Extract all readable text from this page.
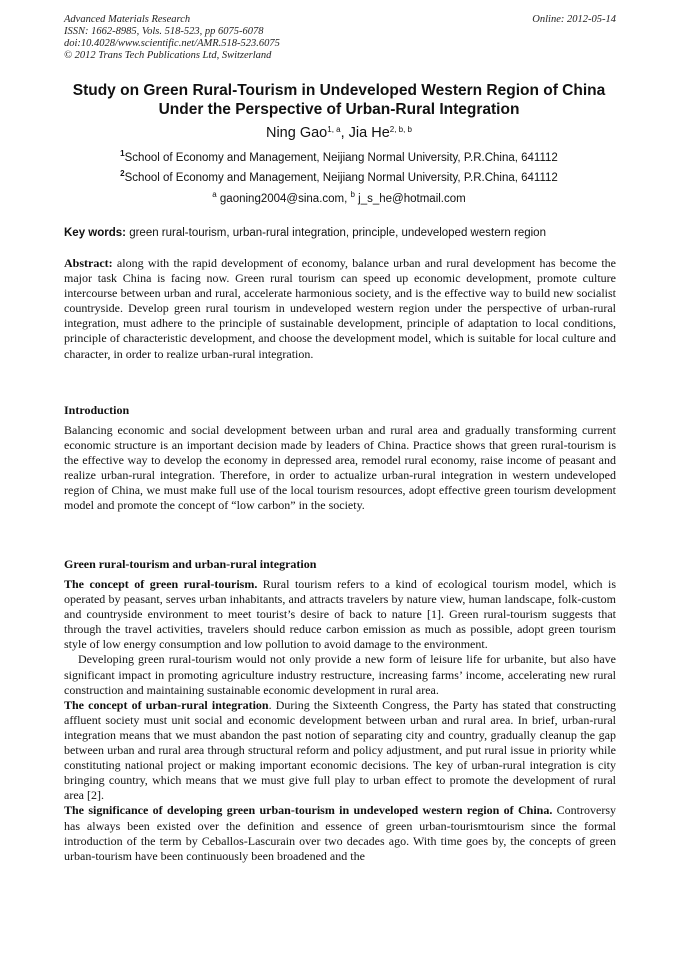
Advanced Materials Research
ISSN: 1662-8985, Vols. 518-523, pp 6075-6078
doi:10.4028/www.scientific.net/AMR.518-523.6075
© 2012 Trans Tech Publications Ltd, Switzerland
Online: 2012-05-14
Study on Green Rural-Tourism in Undeveloped Western Region of China
Under the Perspective of Urban-Rural Integration
Ning Gao$^{1, a}$, Jia He$^{2, b, b}$
$^1$School of Economy and Management, Neijiang Normal University, P.R.China, 641112
$^2$School of Economy and Management, Neijiang Normal University, P.R.China, 641112
$^a$ gaoning2004@sina.com, $^b$ j_s_he@hotmail.com
Key words: green rural-tourism, urban-rural integration, principle, undeveloped western region
Abstract: along with the rapid development of economy, balance urban and rural development has become the major task China is facing now. Green rural tourism can speed up economic development, promote culture intercourse between urban and rural, accelerate harmonious society, and is the effective way to build new socialist countryside. Develop green rural tourism in undeveloped western region under the perspective of urban-rural integration, must adhere to the principle of sustainable development, principle of adaptation to local conditions, principle of characteristic development, and choose the development model, which is suitable for local culture and character, in order to realize urban-rural integration.
Introduction
Balancing economic and social development between urban and rural area and gradually transforming current economic structure is an important decision made by leaders of China. Practice shows that green rural-tourism is the effective way to develop the economy in depressed area, remodel rural economy, raise income of peasant and realize urban-rural integration. Therefore, in order to actualize urban-rural integration in western undeveloped region of China, we must make full use of the local tourism resources, adopt effective green tourism development model and promote the concept of “low carbon” in the society.
Green rural-tourism and urban-rural integration
The concept of green rural-tourism. Rural tourism refers to a kind of ecological tourism model, which is operated by peasant, serves urban inhabitants, and attracts travelers by nature view, human landscape, folk-custom and countryside environment to meet tourist’s desire of back to nature [1]. Green rural-tourism suggests that through the travel activities, travelers should reduce carbon emission as much as possible, adopt green tourism style of low energy consumption and low pollution to avoid damage to the environment.
Developing green rural-tourism would not only provide a new form of leisure life for urbanite, but also have significant impact in promoting agriculture industry restructure, increasing farms’ income, accelerating new rural construction and maintaining sustainable economic development in rural area.
The concept of urban-rural integration. During the Sixteenth Congress, the Party has stated that constructing affluent society must unit social and economic development between urban and rural area. In brief, urban-rural integration means that we must abandon the past notion of separating city and country, gradually cleanup the gap between urban and rural area through structural reform and policy adjustment, and put rural issue in priority while constituting national project or making important economic decisions. The key of urban-rural integration is city bringing country, which means that we must give full play to urban effect to promote the development of rural area [2].
The significance of developing green urban-tourism in undeveloped western region of China. Controversy has always been existed over the definition and essence of green urban-tourismtourism since the formal introduction of the term by Ceballos-Lascurain over two decades ago. With time goes by, the concepts of green urban-tourism have been continuously been broadened and the
